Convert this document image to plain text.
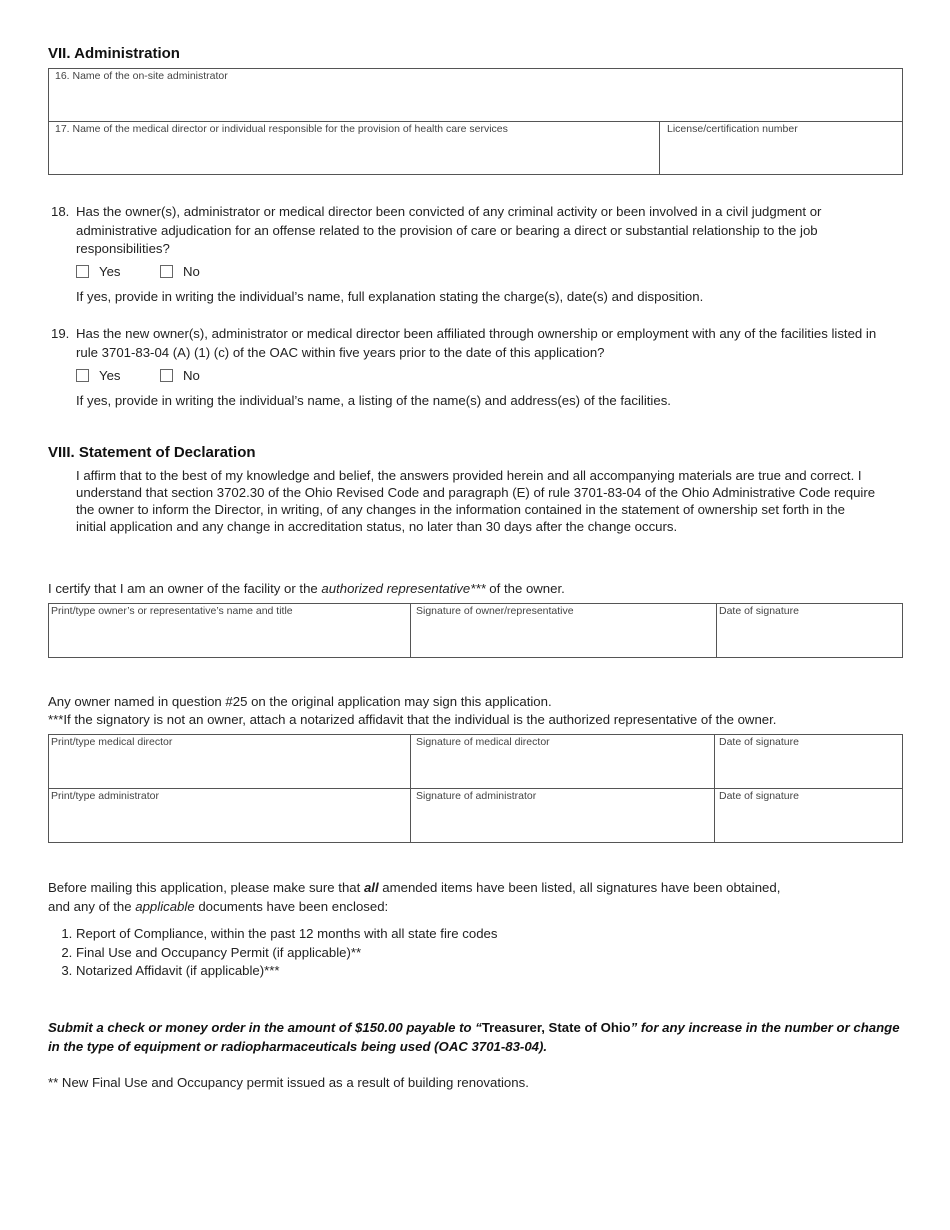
VII. Administration
16. Name of the on-site administrator
17. Name of the medical director or individual responsible for the provision of health care services	License/certification number
18. Has the owner(s), administrator or medical director been convicted of any criminal activity or been involved in a civil judgment or administrative adjudication for an offense related to the provision of care or bearing a direct or substantial relationship to the job responsibilities?
Yes	No
If yes, provide in writing the individual’s name, full explanation stating the charge(s), date(s) and disposition.
19. Has the new owner(s), administrator or medical director been affiliated through ownership or employment with any of the facilities listed in rule 3701-83-04 (A) (1) (c) of the OAC within five years prior to the date of this application?
Yes	No
If yes, provide in writing the individual’s name, a listing of the name(s) and address(es) of the facilities.
VIII. Statement of Declaration
I affirm that to the best of my knowledge and belief, the answers provided herein and all accompanying materials are true and correct. I understand that section 3702.30 of the Ohio Revised Code and paragraph (E) of rule 3701-83-04 of the Ohio Administrative Code require the owner to inform the Director, in writing, of any changes in the information contained in the statement of ownership set forth in the initial application and any change in accreditation status, no later than 30 days after the change occurs.
I certify that I am an owner of the facility or the authorized representative*** of the owner.
Print/type owner’s or representative’s name and title	Signature of owner/representative	Date of signature
Any owner named in question #25 on the original application may sign this application.
***If the signatory is not an owner, attach a notarized affidavit that the individual is the authorized representative of the owner.
Print/type medical director	Signature of medical director	Date of signature
Print/type administrator	Signature of administrator	Date of signature
Before mailing this application, please make sure that all amended items have been listed, all signatures have been obtained,
and any of the applicable documents have been enclosed:
1. Report of Compliance, within the past 12 months with all state fire codes
2. Final Use and Occupancy Permit (if applicable)**
3. Notarized Affidavit (if applicable)***
Submit a check or money order in the amount of $150.00 payable to “Treasurer, State of Ohio” for any increase in the number or change in the type of equipment or radiopharmaceuticals being used (OAC 3701-83-04).
** New Final Use and Occupancy permit issued as a result of building renovations.
